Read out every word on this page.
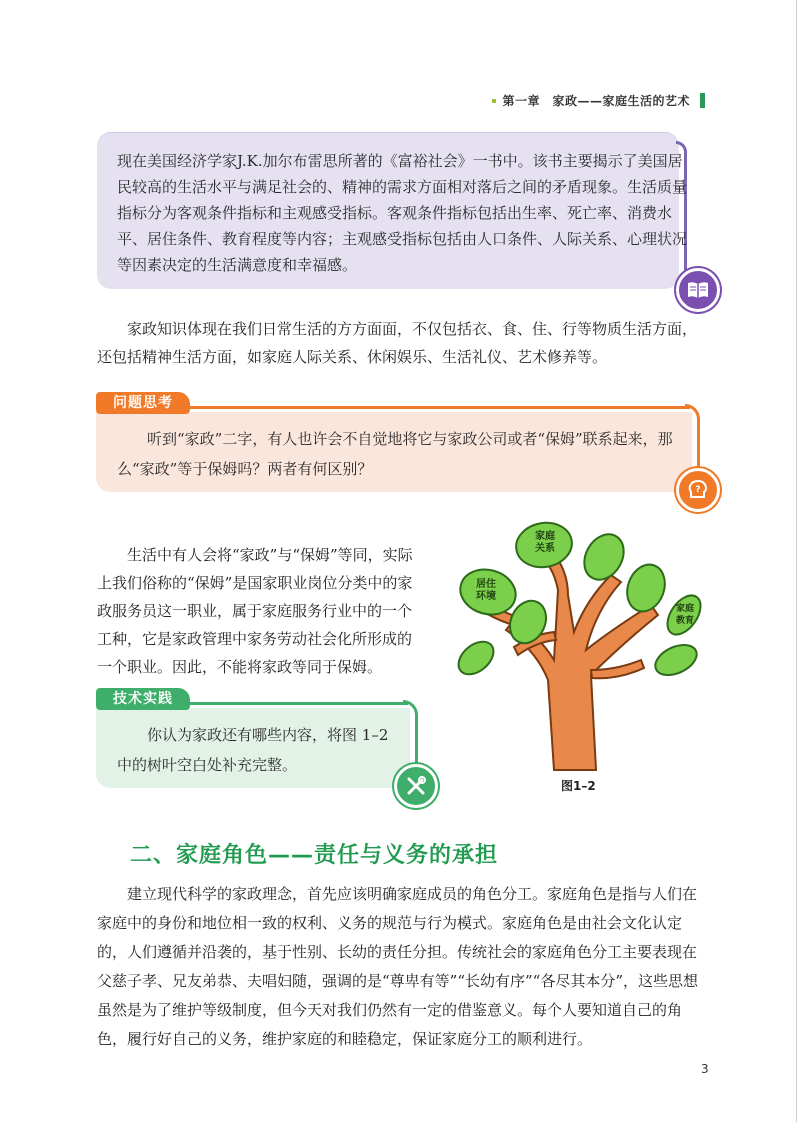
第一章　家政——家庭生活的艺术
现在美国经济学家J.K.加尔布雷思所著的《富裕社会》一书中。该书主要揭示了美国居民较高的生活水平与满足社会的、精神的需求方面相对落后之间的矛盾现象。生活质量指标分为客观条件指标和主观感受指标。客观条件指标包括出生率、死亡率、消费水平、居住条件、教育程度等内容；主观感受指标包括由人口条件、人际关系、心理状况等因素决定的生活满意度和幸福感。

家政知识体现在我们日常生活的方方面面，不仅包括衣、食、住、行等物质生活方面，还包括精神生活方面，如家庭人际关系、休闲娱乐、生活礼仪、艺术修养等。

问题思考

听到“家政”二字，有人也许会不自觉地将它与家政公司或者“保姆”联系起来，那么“家政”等于保姆吗？两者有何区别？

?

生活中有人会将“家政”与“保姆”等同，实际上我们俗称的“保姆”是国家职业岗位分类中的家政服务员这一职业，属于家庭服务行业中的一个工种，它是家政管理中家务劳动社会化所形成的一个职业。因此，不能将家政等同于保姆。

家庭关系
居住环境
家庭教育
图1–2
技术实践

你认为家政还有哪些内容，将图 1–2 中的树叶空白处补充完整。

二、家庭角色——责任与义务的承担

建立现代科学的家政理念，首先应该明确家庭成员的角色分工。家庭角色是指与人们在家庭中的身份和地位相一致的权利、义务的规范与行为模式。家庭角色是由社会文化认定的，人们遵循并沿袭的，基于性别、长幼的责任分担。传统社会的家庭角色分工主要表现在父慈子孝、兄友弟恭、夫唱妇随，强调的是“尊卑有等”“长幼有序”“各尽其本分”，这些思想虽然是为了维护等级制度，但今天对我们仍然有一定的借鉴意义。每个人要知道自己的角色，履行好自己的义务，维护家庭的和睦稳定，保证家庭分工的顺利进行。

3
